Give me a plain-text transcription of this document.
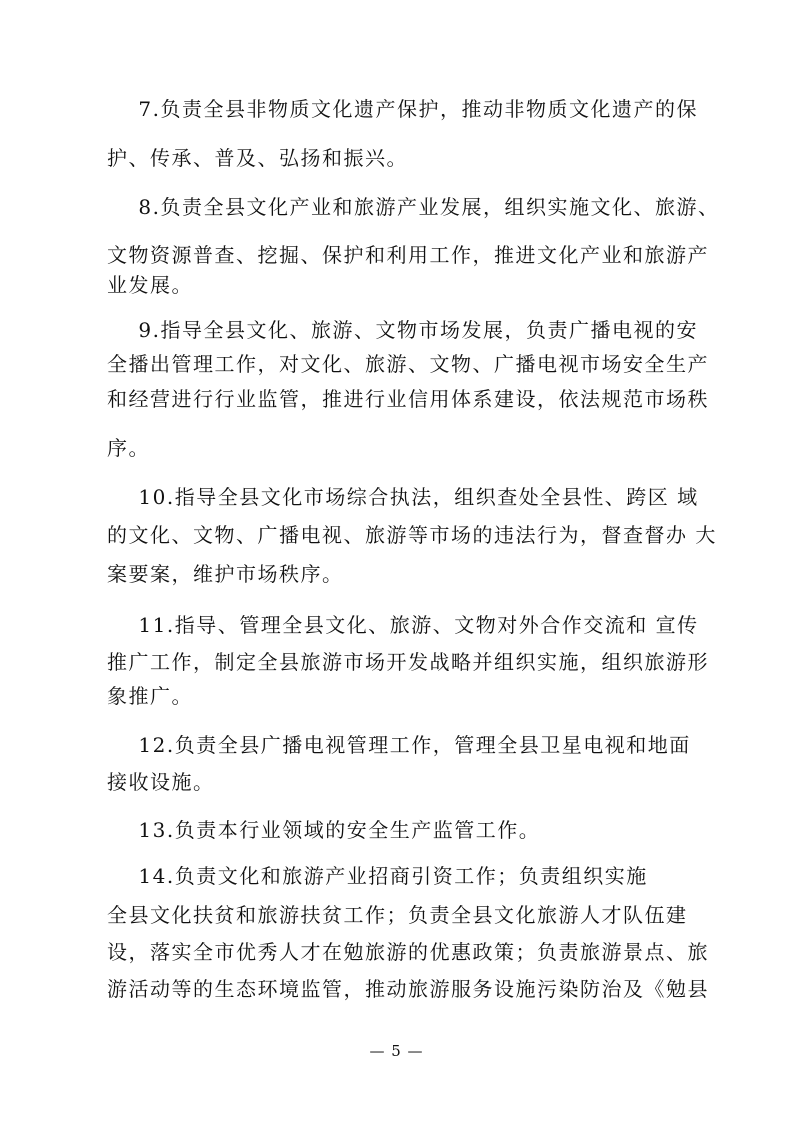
7.负责全县非物质文化遗产保护，推动非物质文化遗产的保
护、传承、普及、弘扬和振兴。
8.负责全县文化产业和旅游产业发展，组织实施文化、旅游、
文物资源普查、挖掘、保护和利用工作，推进文化产业和旅游产
业发展。
9.指导全县文化、旅游、文物市场发展，负责广播电视的安
全播出管理工作，对文化、旅游、文物、广播电视市场安全生产
和经营进行行业监管，推进行业信用体系建设，依法规范市场秩
序。
10.指导全县文化市场综合执法，组织查处全县性、跨区 域
的文化、文物、广播电视、旅游等市场的违法行为，督查督办 大
案要案，维护市场秩序。
11.指导、管理全县文化、旅游、文物对外合作交流和 宣传
推广工作，制定全县旅游市场开发战略并组织实施，组织旅游形
象推广。
12.负责全县广播电视管理工作，管理全县卫星电视和地面
接收设施。
13.负责本行业领域的安全生产监管工作。
14.负责文化和旅游产业招商引资工作；负责组织实施
全县文化扶贫和旅游扶贫工作；负责全县文化旅游人才队伍建
设，落实全市优秀人才在勉旅游的优惠政策；负责旅游景点、旅
游活动等的生态环境监管，推动旅游服务设施污染防治及《勉县
— 5 —
